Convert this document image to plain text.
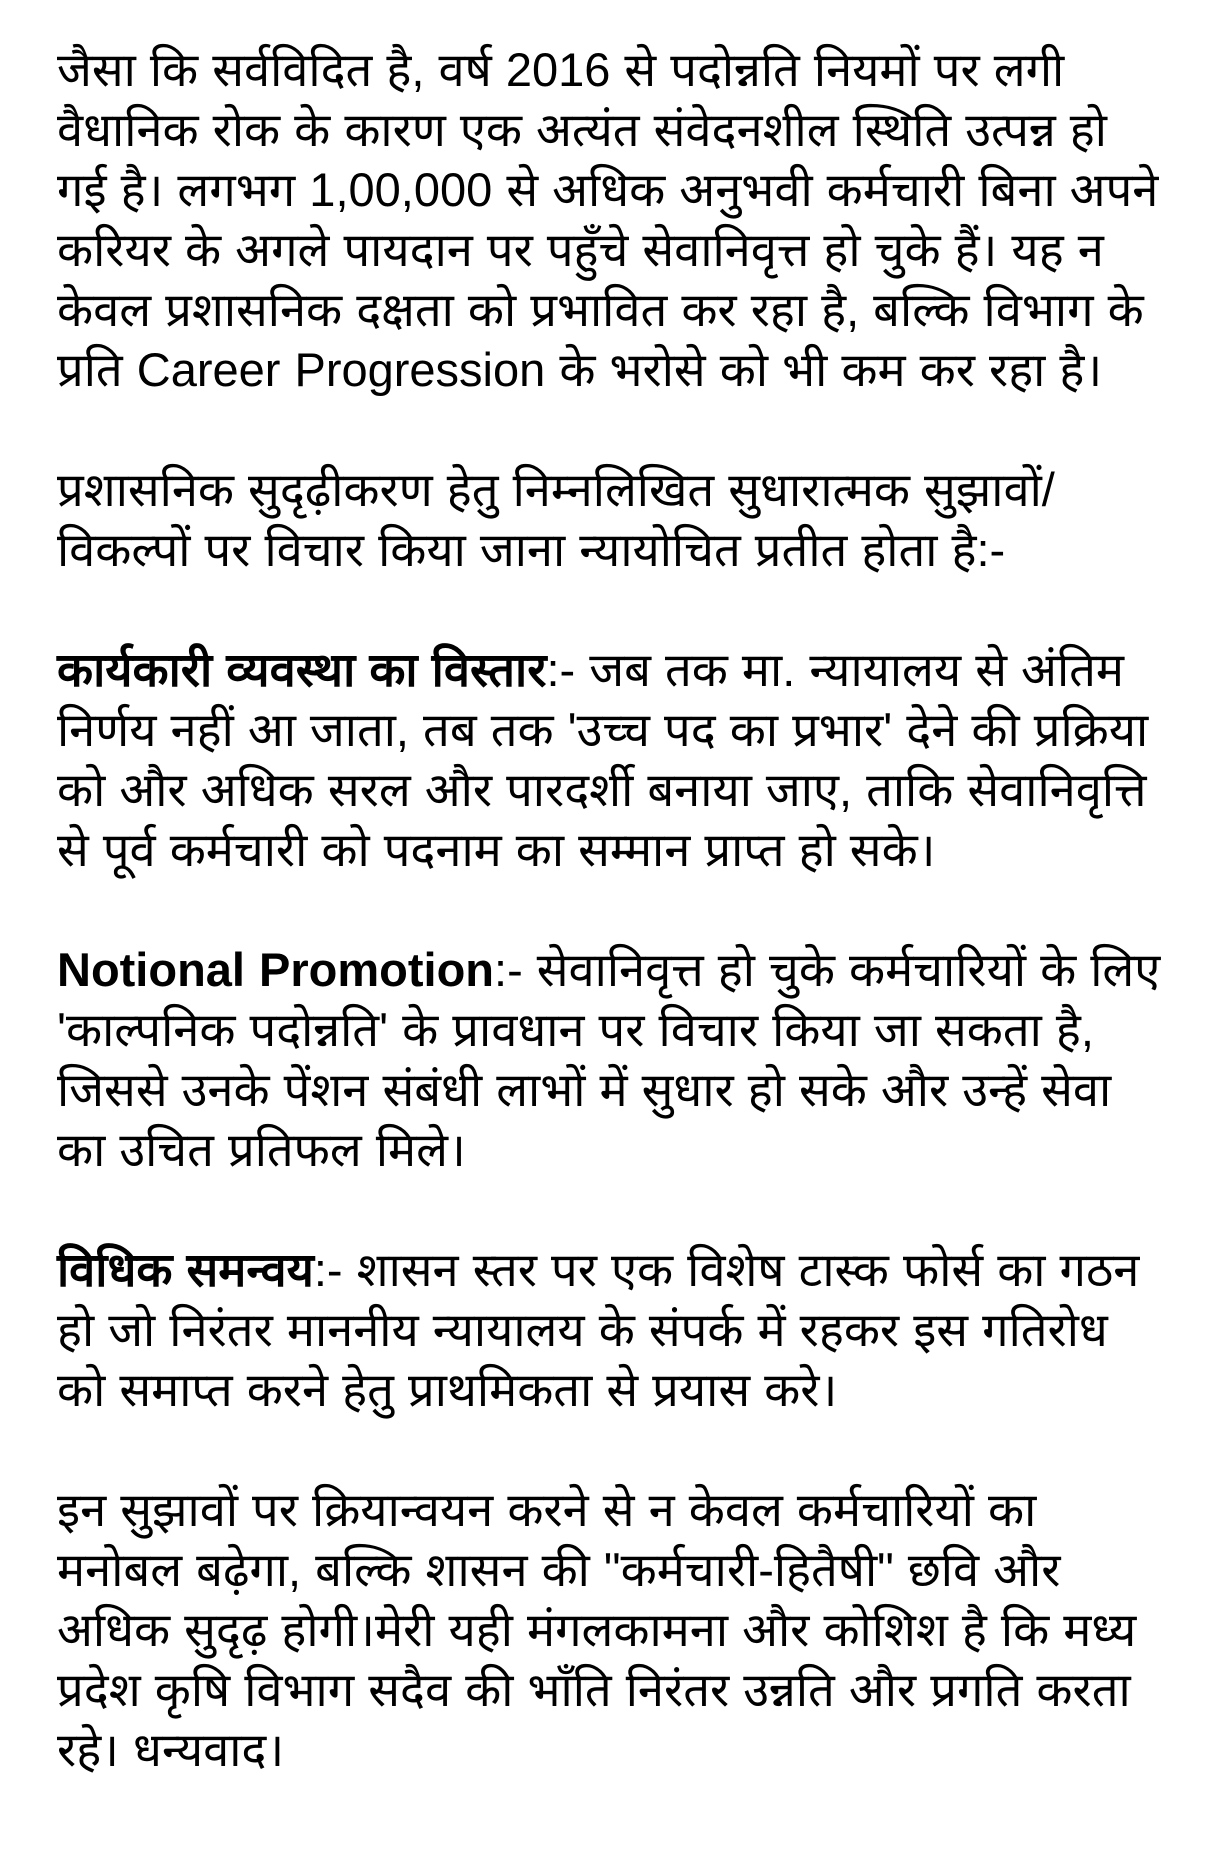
जैसा कि सर्वविदित है, वर्ष 2016 से पदोन्नति नियमों पर लगी वैधानिक रोक के कारण एक अत्यंत संवेदनशील स्थिति उत्पन्न हो गई है। लगभग 1,00,000 से अधिक अनुभवी कर्मचारी बिना अपने करियर के अगले पायदान पर पहुँचे सेवानिवृत्त हो चुके हैं। यह न केवल प्रशासनिक दक्षता को प्रभावित कर रहा है, बल्कि विभाग के प्रति Career Progression के भरोसे को भी कम कर रहा है।

प्रशासनिक सुदृढ़ीकरण हेतु निम्नलिखित सुधारात्मक सुझावों/विकल्पों पर विचार किया जाना न्यायोचित प्रतीत होता है:-

कार्यकारी व्यवस्था का विस्तार:- जब तक मा. न्यायालय से अंतिम निर्णय नहीं आ जाता, तब तक 'उच्च पद का प्रभार' देने की प्रक्रिया को और अधिक सरल और पारदर्शी बनाया जाए, ताकि सेवानिवृत्ति से पूर्व कर्मचारी को पदनाम का सम्मान प्राप्त हो सके।

Notional Promotion:- सेवानिवृत्त हो चुके कर्मचारियों के लिए 'काल्पनिक पदोन्नति' के प्रावधान पर विचार किया जा सकता है, जिससे उनके पेंशन संबंधी लाभों में सुधार हो सके और उन्हें सेवा का उचित प्रतिफल मिले।

विधिक समन्वय:- शासन स्तर पर एक विशेष टास्क फोर्स का गठन हो जो निरंतर माननीय न्यायालय के संपर्क में रहकर इस गतिरोध को समाप्त करने हेतु प्राथमिकता से प्रयास करे।

इन सुझावों पर क्रियान्वयन करने से न केवल कर्मचारियों का मनोबल बढ़ेगा, बल्कि शासन की "कर्मचारी-हितैषी" छवि और अधिक सुदृढ़ होगी।मेरी यही मंगलकामना और कोशिश है कि मध्य प्रदेश कृषि विभाग सदैव की भाँति निरंतर उन्नति और प्रगति करता रहे। धन्यवाद।
